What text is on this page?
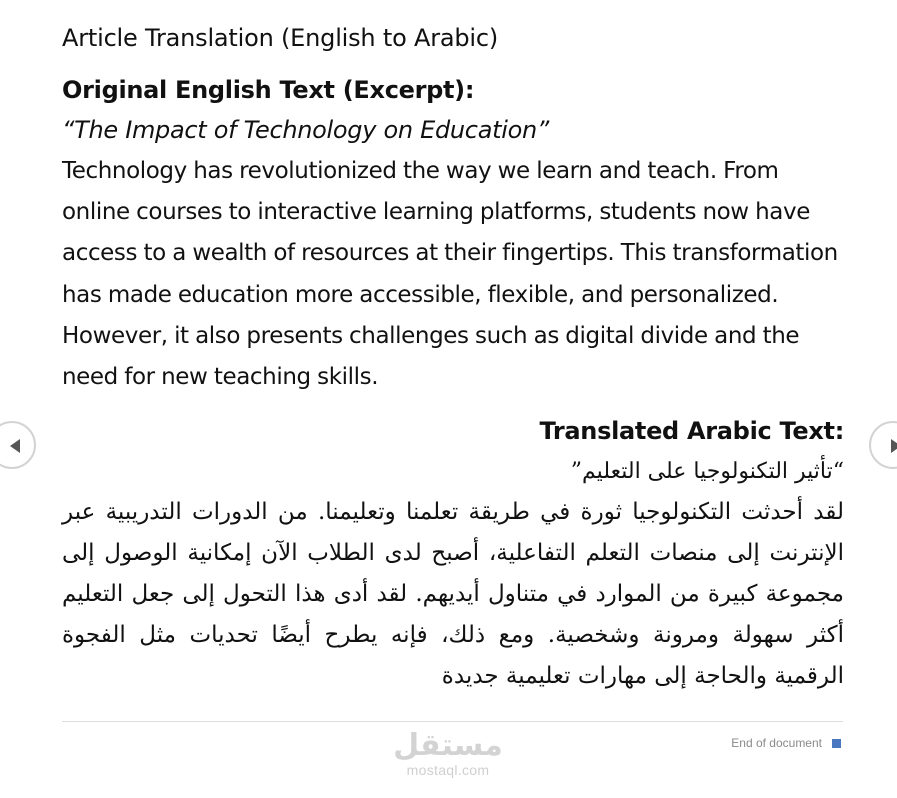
Article Translation (English to Arabic)

Original English Text (Excerpt):

“The Impact of Technology on Education”

Technology has revolutionized the way we learn and teach. From online courses to interactive learning platforms, students now have access to a wealth of resources at their fingertips. This transformation has made education more accessible, flexible, and personalized. However, it also presents challenges such as digital divide and the need for new teaching skills.

Translated Arabic Text:

“تأثير التكنولوجيا على التعليم”

لقد أحدثت التكنولوجيا ثورة في طريقة تعلمنا وتعليمنا. من الدورات التدريبية عبر الإنترنت إلى منصات التعلم التفاعلية، أصبح لدى الطلاب الآن إمكانية الوصول إلى مجموعة كبيرة من الموارد في متناول أيديهم. لقد أدى هذا التحول إلى جعل التعليم أكثر سهولة ومرونة وشخصية. ومع ذلك، فإنه يطرح أيضًا تحديات مثل الفجوة الرقمية والحاجة إلى مهارات تعليمية جديدة

End of document
مستقل
mostaql.com
